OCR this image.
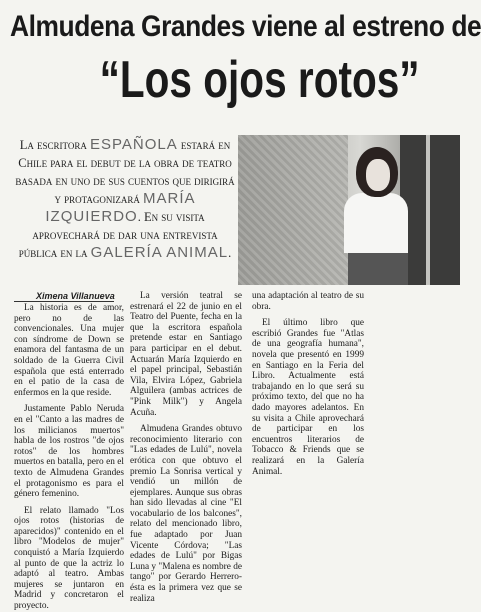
Almudena Grandes viene al estreno de
“Los ojos rotos”
La escritora ESPAÑOLA estará en Chile para el debut de la obra de teatro basada en uno de sus cuentos que dirigirá y protagonizará MARÍA IZQUIERDO. En su visita aprovechará de dar una entrevista pública en la GALERÍA ANIMAL.
Ximena Villanueva

La historia es de amor, pero no de las convencionales. Una mujer con síndrome de Down se enamora del fantasma de un soldado de la Guerra Civil española que está enterrado en el patio de la casa de enfermos en la que reside.

Justamente Pablo Neruda en el "Canto a las madres de los milicianos muertos" habla de los rostros "de ojos rotos" de los hombres muertos en batalla, pero en el texto de Almudena Grandes el protagonismo es para el género femenino.

El relato llamado "Los ojos rotos (historias de aparecidos)" contenido en el libro "Modelos de mujer" conquistó a María Izquierdo al punto de que la actriz lo adaptó al teatro. Ambas mujeres se juntaron en Madrid y concretaron el proyecto.

La versión teatral se estrenará el 22 de junio en el Teatro del Puente, fecha en la que la escritora española pretende estar en Santiago para participar en el debut. Actuarán María Izquierdo en el papel principal, Sebastián Vila, Elvira López, Gabriela Alguilera (ambas actrices de "Pink Milk") y Angela Acuña.

Almudena Grandes obtuvo reconocimiento literario con "Las edades de Lulú", novela erótica con que obtuvo el premio La Sonrisa vertical y vendió un millón de ejemplares. Aunque sus obras han sido llevadas al cine "El vocabulario de los balcones", relato del mencionado libro, fue adaptado por Juan Vicente Córdova; "Las edades de Lulú" por Bigas Luna y "Malena es nombre de tango" por Gerardo Herrero- ésta es la primera vez que se realiza

una adaptación al teatro de su obra.

El último libro que escribió Grandes fue "Atlas de una geografía humana", novela que presentó en 1999 en Santiago en la Feria del Libro. Actualmente está trabajando en lo que será su próximo texto, del que no ha dado mayores adelantos. En su visita a Chile aprovechará de participar en los encuentros literarios de Tobacco & Friends que se realizará en la Galería Animal.
